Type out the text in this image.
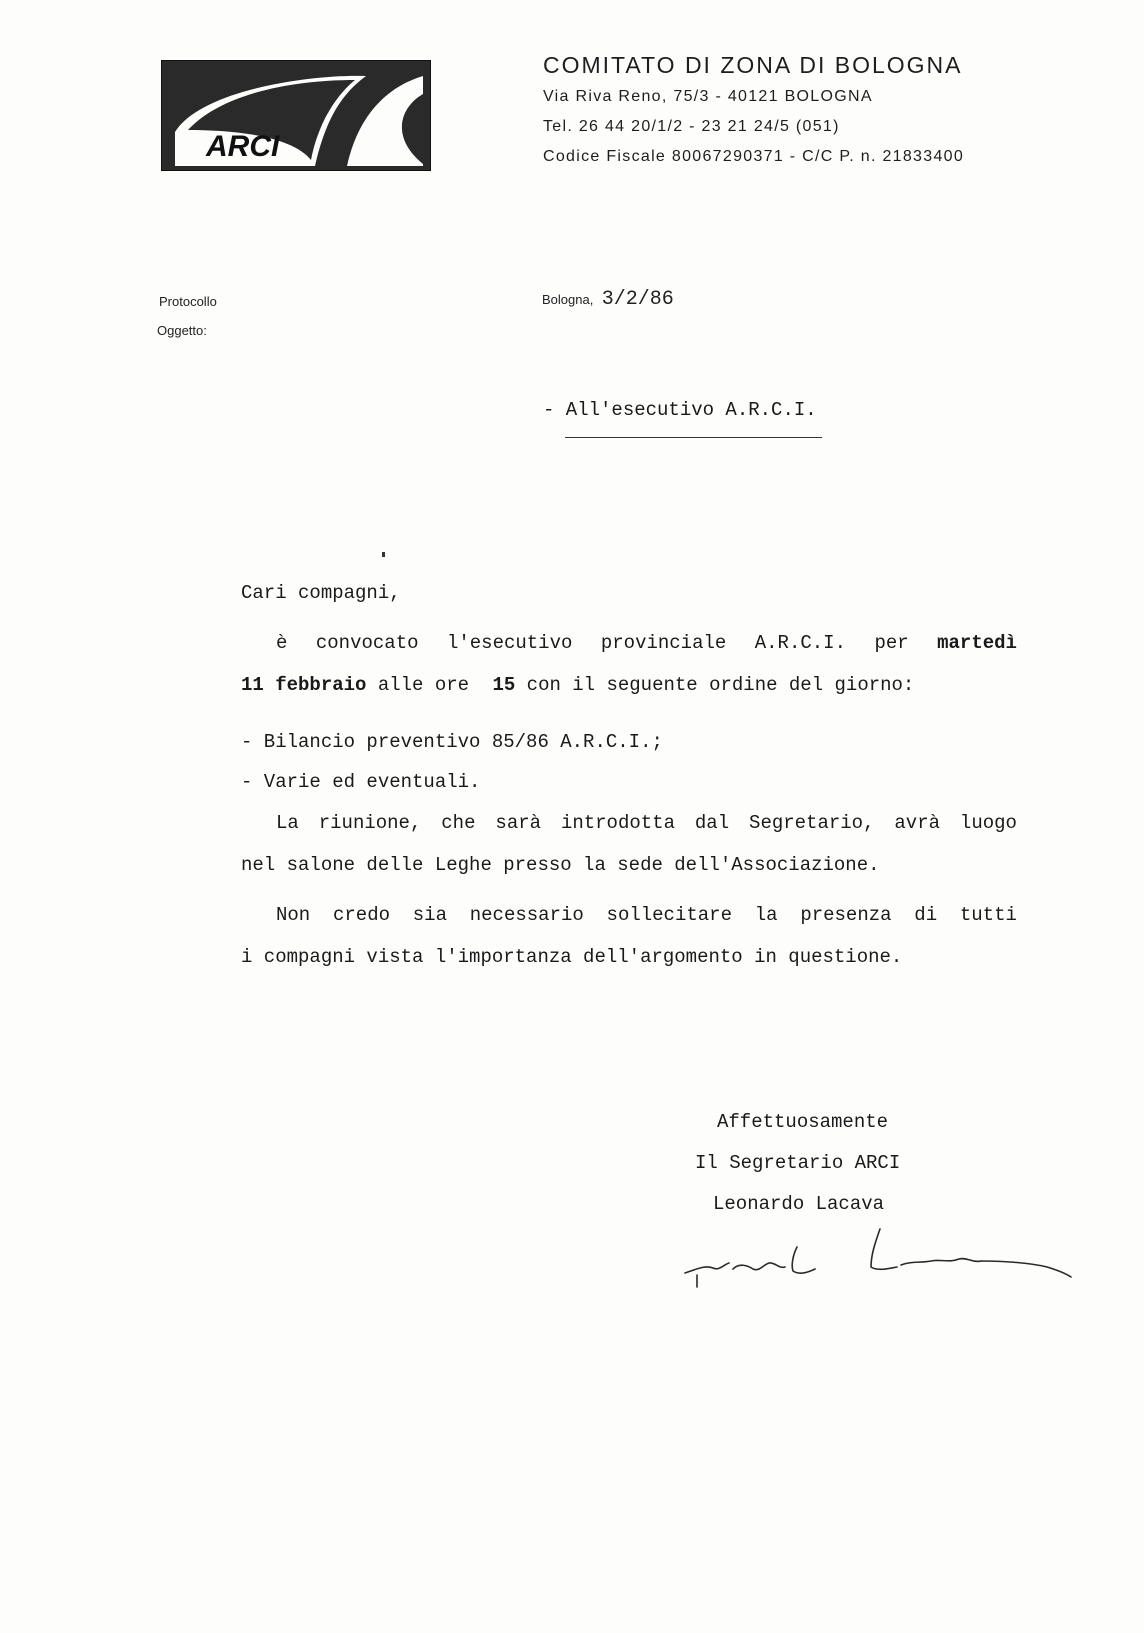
ARCI
COMITATO DI ZONA DI BOLOGNA
Via Riva Reno, 75/3 - 40121 BOLOGNA
Tel. 26 44 20/1/2 - 23 21 24/5 (051)
Codice Fiscale 80067290371 - C/C P. n. 21833400
Protocollo
Oggetto:
Bologna, 3/2/86
- All'esecutivo A.R.C.I.
Cari compagni,
è convocato l'esecutivo provinciale A.R.C.I. per martedì
11 febbraio alle ore 15 con il seguente ordine del giorno:
- Bilancio preventivo 85/86 A.R.C.I.;
- Varie ed eventuali.
La riunione, che sarà introdotta dal Segretario, avrà luogo
nel salone delle Leghe presso la sede dell'Associazione.
Non credo sia necessario sollecitare la presenza di tutti
i compagni vista l'importanza dell'argomento in questione.
Affettuosamente
Il Segretario ARCI
Leonardo Lacava
